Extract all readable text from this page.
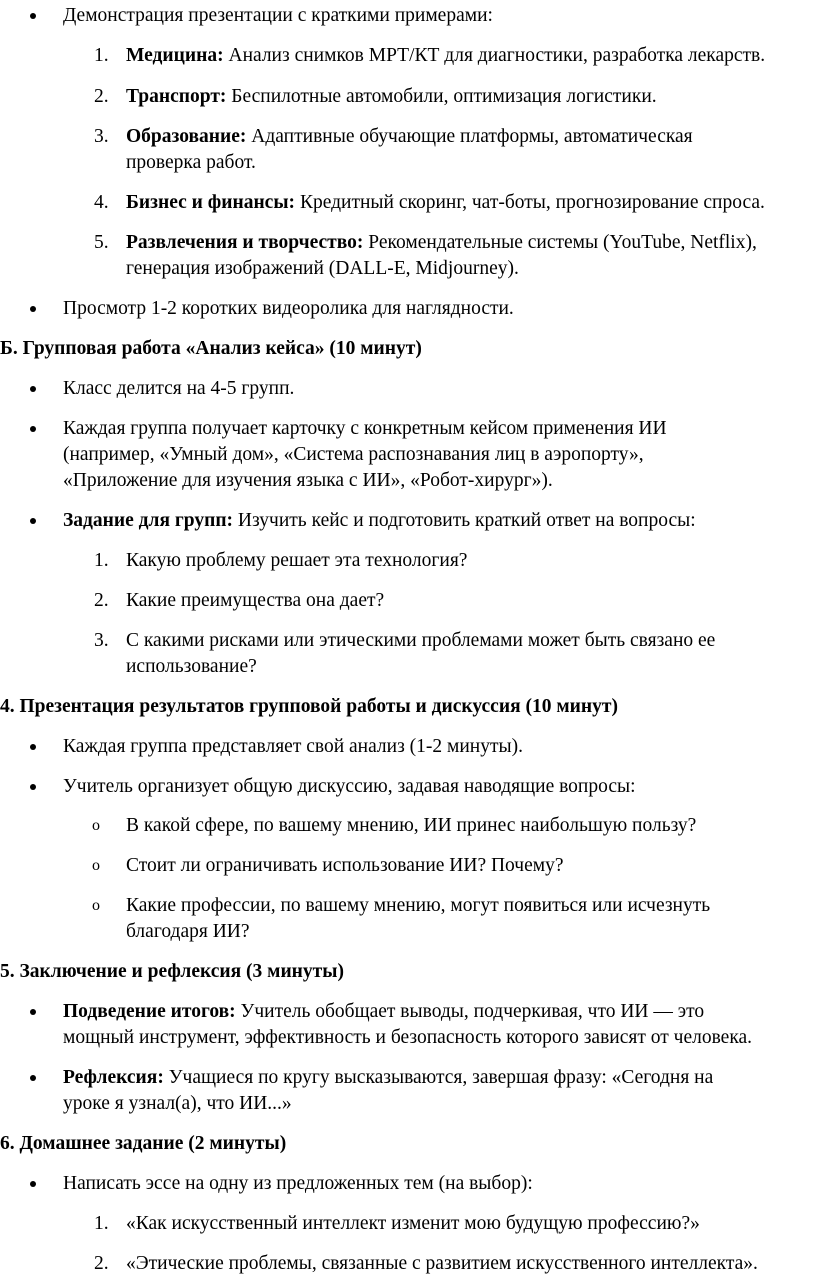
Демонстрация презентации с краткими примерами:
1. Медицина: Анализ снимков МРТ/КТ для диагностики, разработка лекарств.
2. Транспорт: Беспилотные автомобили, оптимизация логистики.
3. Образование: Адаптивные обучающие платформы, автоматическая
проверка работ.
4. Бизнес и финансы: Кредитный скоринг, чат-боты, прогнозирование спроса.
5. Развлечения и творчество: Рекомендательные системы (YouTube, Netflix),
генерация изображений (DALL-E, Midjourney).
Просмотр 1-2 коротких видеоролика для наглядности.
Б. Групповая работа «Анализ кейса» (10 минут)
Класс делится на 4-5 групп.
Каждая группа получает карточку с конкретным кейсом применения ИИ
(например, «Умный дом», «Система распознавания лиц в аэропорту»,
«Приложение для изучения языка с ИИ», «Робот-хирург»).
Задание для групп: Изучить кейс и подготовить краткий ответ на вопросы:
1. Какую проблему решает эта технология?
2. Какие преимущества она дает?
3. С какими рисками или этическими проблемами может быть связано ее
использование?
4. Презентация результатов групповой работы и дискуссия (10 минут)
Каждая группа представляет свой анализ (1-2 минуты).
Учитель организует общую дискуссию, задавая наводящие вопросы:
o В какой сфере, по вашему мнению, ИИ принес наибольшую пользу?
o Стоит ли ограничивать использование ИИ? Почему?
o Какие профессии, по вашему мнению, могут появиться или исчезнуть
благодаря ИИ?
5. Заключение и рефлексия (3 минуты)
Подведение итогов: Учитель обобщает выводы, подчеркивая, что ИИ — это
мощный инструмент, эффективность и безопасность которого зависят от человека.
Рефлексия: Учащиеся по кругу высказываются, завершая фразу: «Сегодня на
уроке я узнал(а), что ИИ...»
6. Домашнее задание (2 минуты)
Написать эссе на одну из предложенных тем (на выбор):
1. «Как искусственный интеллект изменит мою будущую профессию?»
2. «Этические проблемы, связанные с развитием искусственного интеллекта».
